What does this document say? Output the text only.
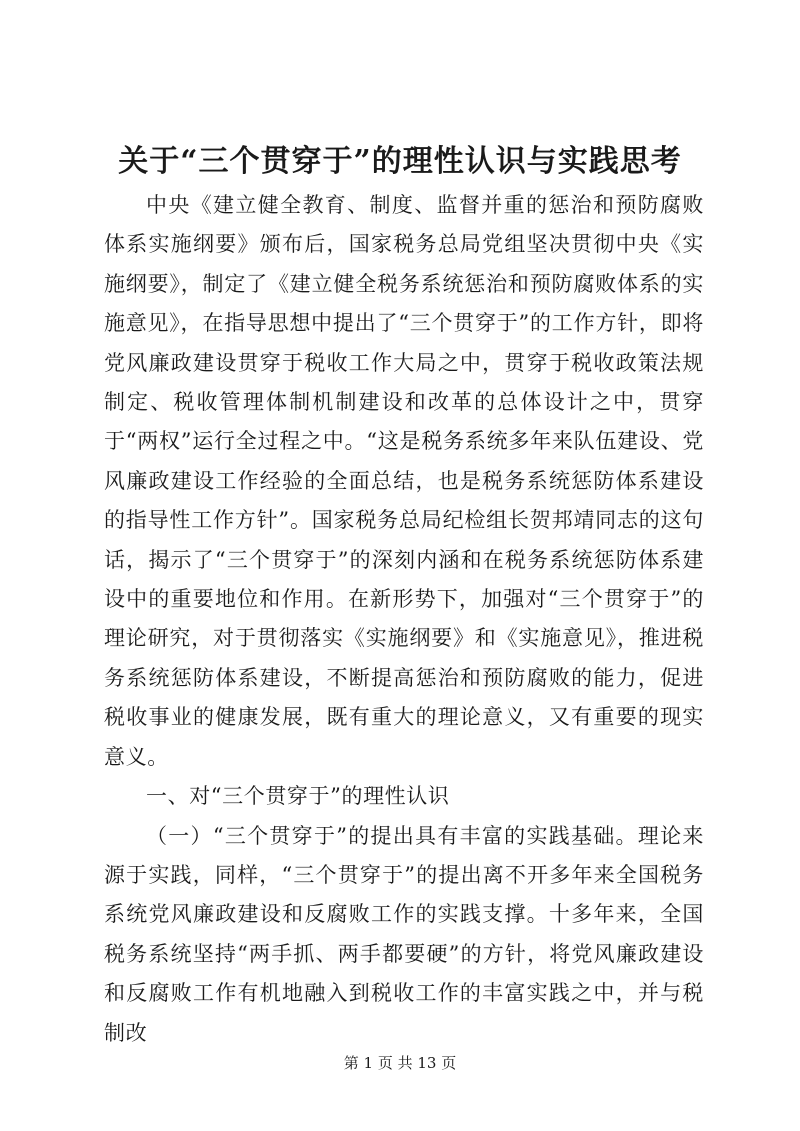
关于“三个贯穿于”的理性认识与实践思考

中央《建立健全教育、制度、监督并重的惩治和预防腐败体系实施纲要》颁布后，国家税务总局党组坚决贯彻中央《实施纲要》，制定了《建立健全税务系统惩治和预防腐败体系的实施意见》，在指导思想中提出了“三个贯穿于”的工作方针，即将党风廉政建设贯穿于税收工作大局之中，贯穿于税收政策法规制定、税收管理体制机制建设和改革的总体设计之中，贯穿于“两权”运行全过程之中。“这是税务系统多年来队伍建设、党风廉政建设工作经验的全面总结，也是税务系统惩防体系建设的指导性工作方针”。国家税务总局纪检组长贺邦靖同志的这句话，揭示了“三个贯穿于”的深刻内涵和在税务系统惩防体系建设中的重要地位和作用。在新形势下，加强对“三个贯穿于”的理论研究，对于贯彻落实《实施纲要》和《实施意见》，推进税务系统惩防体系建设，不断提高惩治和预防腐败的能力，促进税收事业的健康发展，既有重大的理论意义，又有重要的现实意义。

一、对“三个贯穿于”的理性认识

（一）“三个贯穿于”的提出具有丰富的实践基础。理论来源于实践，同样，“三个贯穿于”的提出离不开多年来全国税务系统党风廉政建设和反腐败工作的实践支撑。十多年来，全国税务系统坚持“两手抓、两手都要硬”的方针，将党风廉政建设和反腐败工作有机地融入到税收工作的丰富实践之中，并与税制改

第 1 页 共 13 页
